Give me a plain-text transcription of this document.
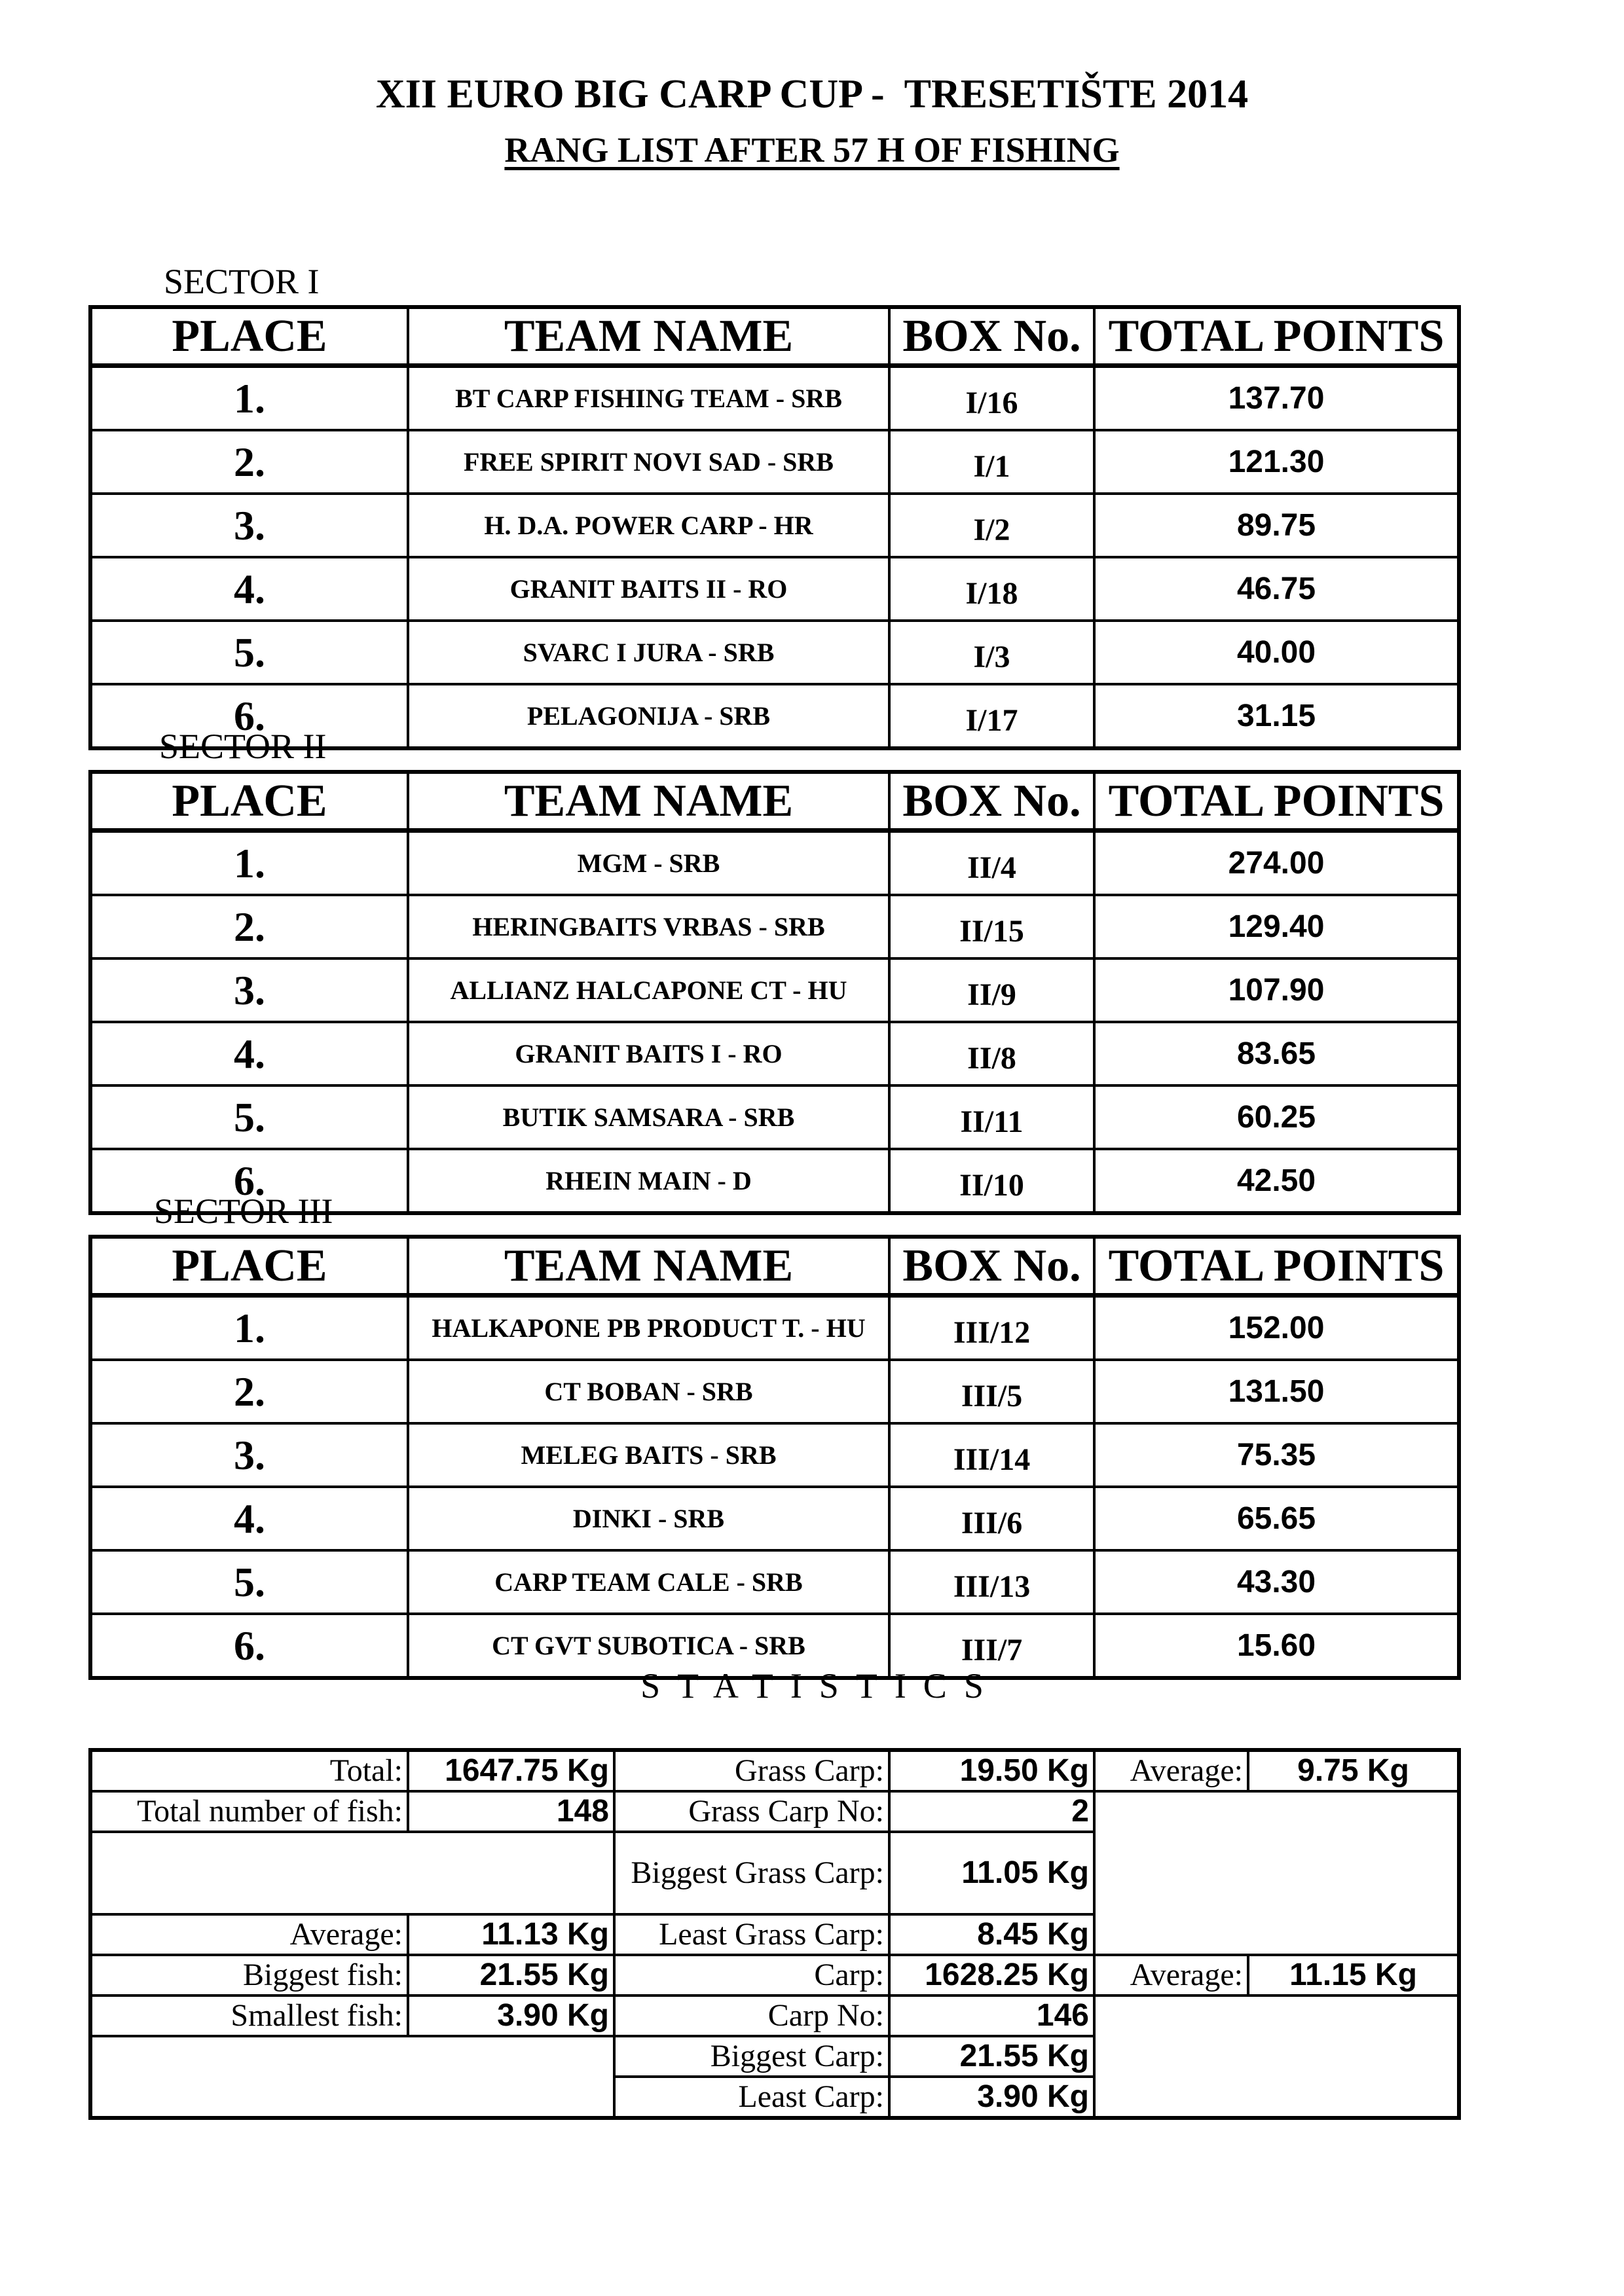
XII EURO BIG CARP CUP -  TRESETIŠTE 2014
RANG LIST AFTER 57 H OF FISHING
SECTOR I
PLACE	TEAM NAME	BOX No.	TOTAL POINTS
1.	BT CARP FISHING TEAM - SRB	I/16	137.70
2.	FREE SPIRIT NOVI SAD - SRB	I/1	121.30
3.	H. D.A. POWER CARP - HR	I/2	89.75
4.	GRANIT BAITS II - RO	I/18	46.75
5.	SVARC I JURA - SRB	I/3	40.00
6.	PELAGONIJA - SRB	I/17	31.15
SECTOR II
PLACE	TEAM NAME	BOX No.	TOTAL POINTS
1.	MGM - SRB	II/4	274.00
2.	HERINGBAITS VRBAS - SRB	II/15	129.40
3.	ALLIANZ HALCAPONE CT - HU	II/9	107.90
4.	GRANIT BAITS I - RO	II/8	83.65
5.	BUTIK SAMSARA - SRB	II/11	60.25
6.	RHEIN MAIN - D	II/10	42.50
SECTOR III
PLACE	TEAM NAME	BOX No.	TOTAL POINTS
1.	HALKAPONE PB PRODUCT T. - HU	III/12	152.00
2.	CT BOBAN - SRB	III/5	131.50
3.	MELEG BAITS - SRB	III/14	75.35
4.	DINKI - SRB	III/6	65.65
5.	CARP TEAM CALE - SRB	III/13	43.30
6.	CT GVT SUBOTICA - SRB	III/7	15.60
STATISTICS
Total:	1647.75 Kg	Grass Carp:	19.50 Kg	Average:	9.75 Kg
Total number of fish:	148	Grass Carp No:	2		
		Biggest Grass Carp:	11.05 Kg		
Average:	11.13 Kg	Least Grass Carp:	8.45 Kg		
Biggest fish:	21.55 Kg	Carp:	1628.25 Kg	Average:	11.15 Kg
Smallest fish:	3.90 Kg	Carp No:	146		
		Biggest Carp:	21.55 Kg		
		Least Carp:	3.90 Kg		
